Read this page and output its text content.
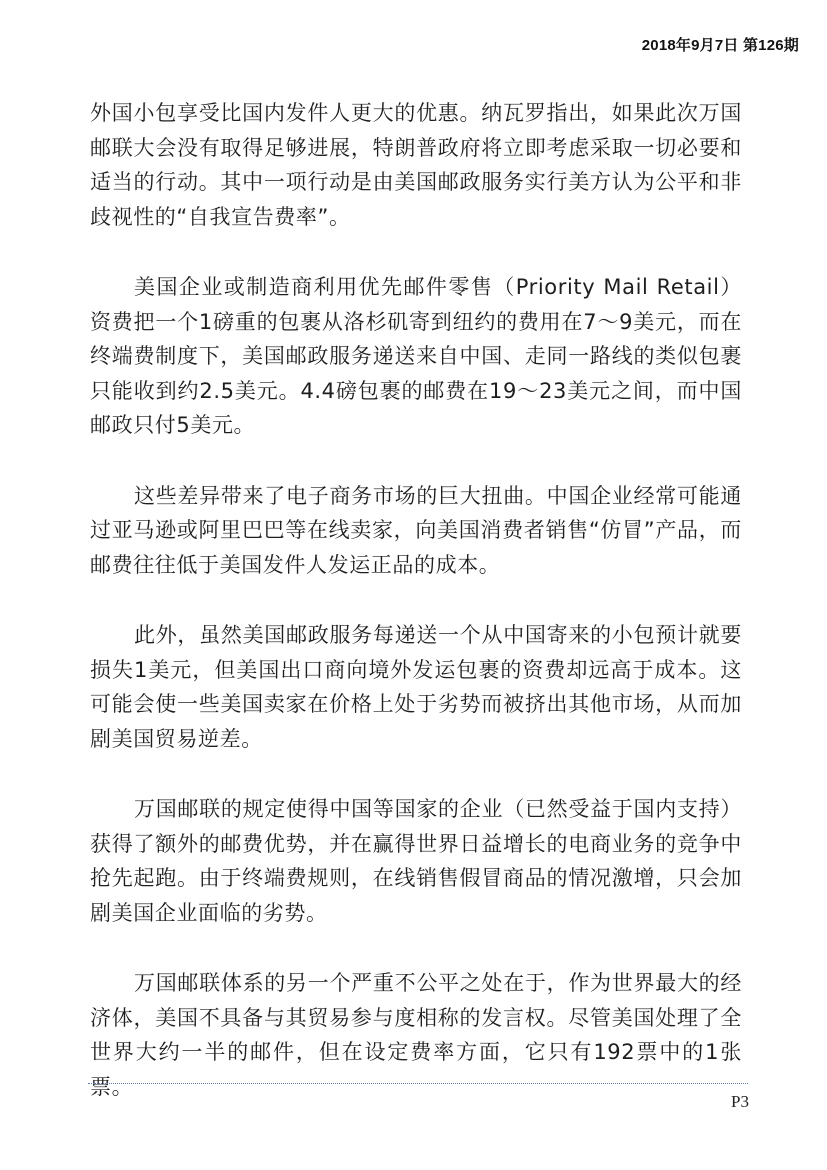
2018年9月7日 第126期

外国小包享受比国内发件人更大的优惠。纳瓦罗指出，如果此次万国邮联大会没有取得足够进展，特朗普政府将立即考虑采取一切必要和适当的行动。其中一项行动是由美国邮政服务实行美方认为公平和非歧视性的“自我宣告费率”。

美国企业或制造商利用优先邮件零售（Priority Mail Retail）资费把一个1磅重的包裹从洛杉矶寄到纽约的费用在7～9美元，而在终端费制度下，美国邮政服务递送来自中国、走同一路线的类似包裹只能收到约2.5美元。4.4磅包裹的邮费在19～23美元之间，而中国邮政只付5美元。

这些差异带来了电子商务市场的巨大扭曲。中国企业经常可能通过亚马逊或阿里巴巴等在线卖家，向美国消费者销售“仿冒”产品，而邮费往往低于美国发件人发运正品的成本。

此外，虽然美国邮政服务每递送一个从中国寄来的小包预计就要损失1美元，但美国出口商向境外发运包裹的资费却远高于成本。这可能会使一些美国卖家在价格上处于劣势而被挤出其他市场，从而加剧美国贸易逆差。

万国邮联的规定使得中国等国家的企业（已然受益于国内支持）获得了额外的邮费优势，并在赢得世界日益增长的电商业务的竞争中抢先起跑。由于终端费规则，在线销售假冒商品的情况激增，只会加剧美国企业面临的劣势。

万国邮联体系的另一个严重不公平之处在于，作为世界最大的经济体，美国不具备与其贸易参与度相称的发言权。尽管美国处理了全世界大约一半的邮件，但在设定费率方面，它只有192票中的1张票。

P3
